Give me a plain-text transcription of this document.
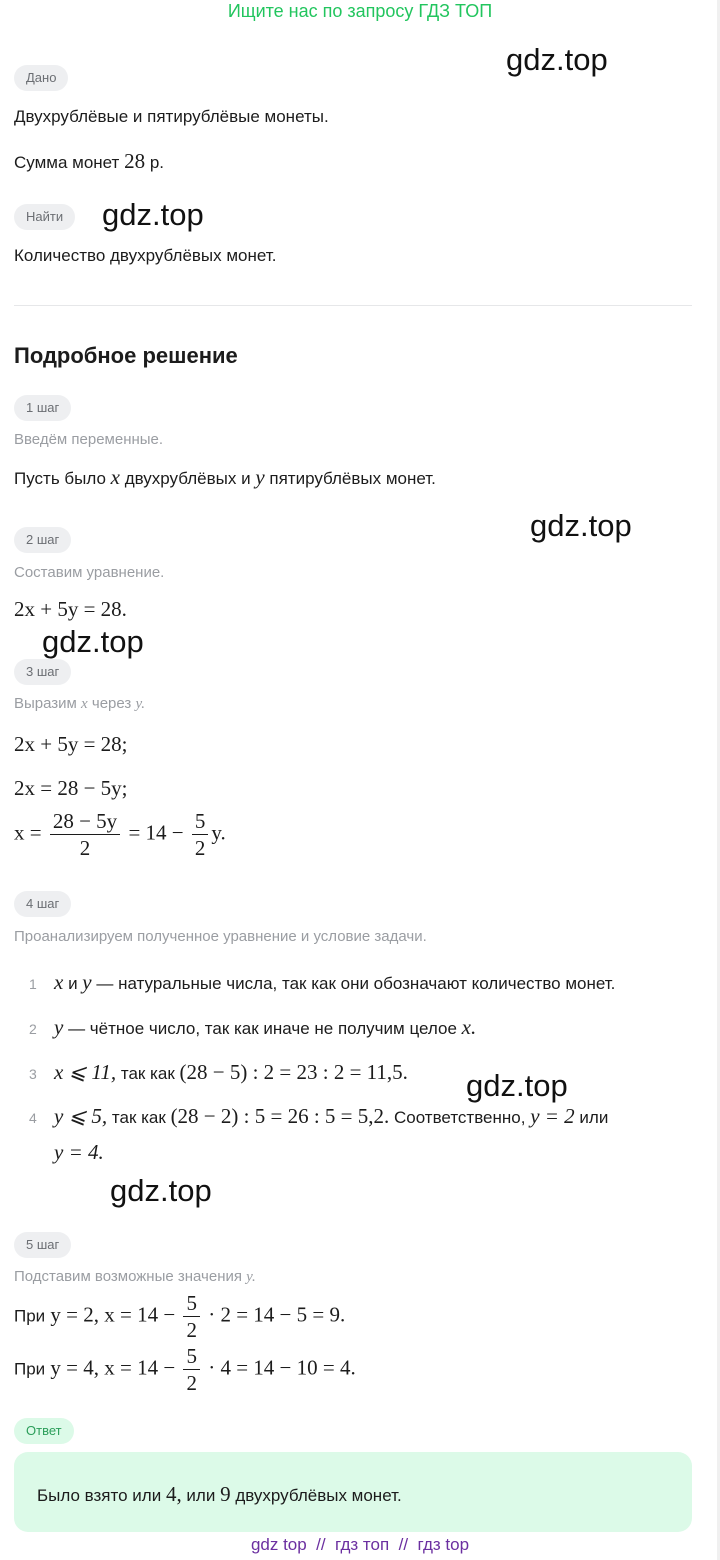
Ищите нас по запросу ГДЗ ТОП
gdz.top
gdz.top
gdz.top
gdz.top
gdz.top
gdz.top
Дано
Двухрублёвые и пятирублёвые монеты.
Сумма монет 28 р.
Найти
Количество двухрублёвых монет.
Подробное решение
1 шаг
Введём переменные.
Пусть было x двухрублёвых и y пятирублёвых монет.
2 шаг
Составим уравнение.
2x + 5y = 28.
3 шаг
Выразим x через y.
2x + 5y = 28;
2x = 28 − 5y;
$x = \frac{28 - 5y}{2} = 14 - \frac{5}{2} y$.
4 шаг
Проанализируем полученное уравнение и условие задачи.
1 x и y — натуральные числа, так как они обозначают количество монет.
2 y — чётное число, так как иначе не получим целое x.
3 x ⩽ 11, так как (28 − 5) : 2 = 23 : 2 = 11,5.
4 y ⩽ 5, так как (28 − 2) : 5 = 26 : 5 = 5,2. Соответственно, y = 2 или
y = 4.
5 шаг
Подставим возможные значения y.
При y = 2, $x = 14 - \frac{5}{2} \cdot 2 = 14 - 5 = 9$.
При y = 4, $x = 14 - \frac{5}{2} \cdot 4 = 14 - 10 = 4$.
Ответ
Было взято или 4, или 9 двухрублёвых монет.
gdz top  //  гдз топ  //  гдз top
